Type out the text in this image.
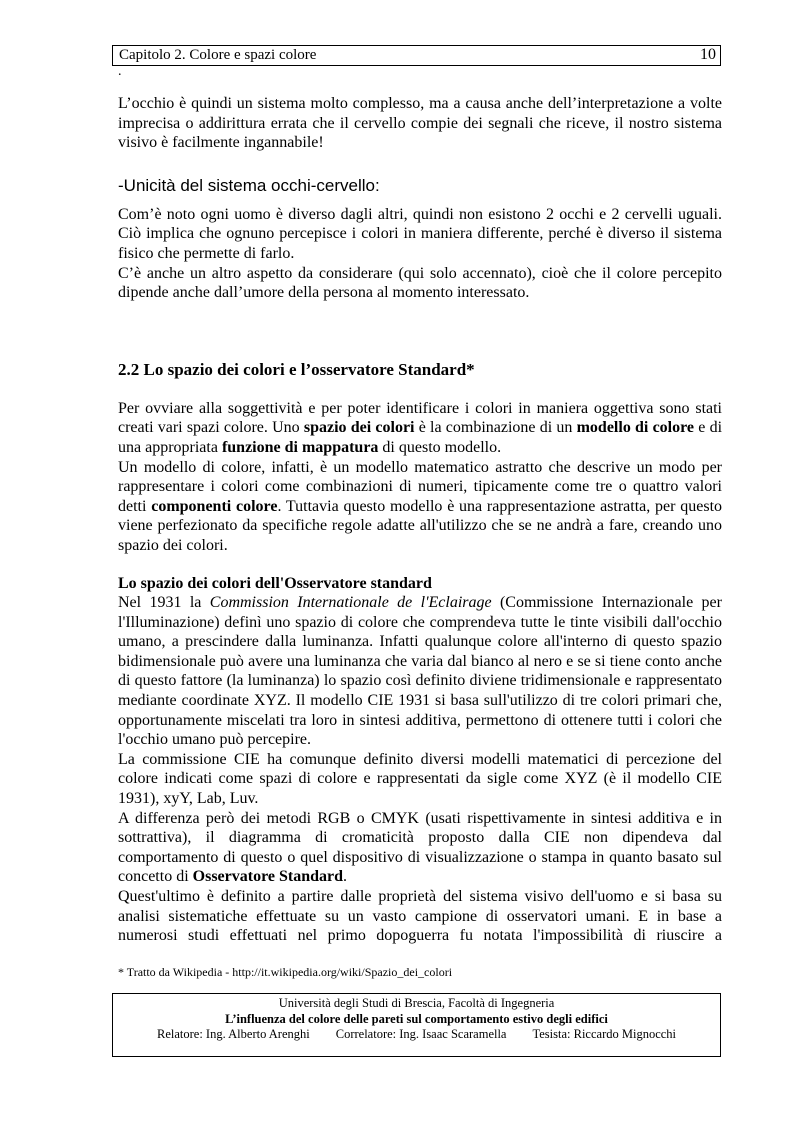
Capitolo 2. Colore e spazi colore	10
.

L’occhio è quindi un sistema molto complesso, ma a causa anche dell’interpretazione a volte imprecisa o addirittura errata che il cervello compie dei segnali che riceve, il nostro sistema visivo è facilmente ingannabile!

-Unicità del sistema occhi-cervello:

Com’è noto ogni uomo è diverso dagli altri, quindi non esistono 2 occhi e 2 cervelli uguali. Ciò implica che ognuno percepisce i colori in maniera differente, perché è diverso il sistema fisico che permette di farlo.

C’è anche un altro aspetto da considerare (qui solo accennato), cioè che il colore percepito dipende anche dall’umore della persona al momento interessato.

2.2 Lo spazio dei colori e l’osservatore Standard*

Per ovviare alla soggettività e per poter identificare i colori in maniera oggettiva sono stati creati vari spazi colore. Uno spazio dei colori è la combinazione di un modello di colore e di una appropriata funzione di mappatura di questo modello.

Un modello di colore, infatti, è un modello matematico astratto che descrive un modo per rappresentare i colori come combinazioni di numeri, tipicamente come tre o quattro valori detti componenti colore. Tuttavia questo modello è una rappresentazione astratta, per questo viene perfezionato da specifiche regole adatte all'utilizzo che se ne andrà a fare, creando uno spazio dei colori.

Lo spazio dei colori dell'Osservatore standard

Nel 1931 la Commission Internationale de l'Eclairage (Commissione Internazionale per l'Illuminazione) definì uno spazio di colore che comprendeva tutte le tinte visibili dall'occhio umano, a prescindere dalla luminanza. Infatti qualunque colore all'interno di questo spazio bidimensionale può avere una luminanza che varia dal bianco al nero e se si tiene conto anche di questo fattore (la luminanza) lo spazio così definito diviene tridimensionale e rappresentato mediante coordinate XYZ. Il modello CIE 1931 si basa sull'utilizzo di tre colori primari che, opportunamente miscelati tra loro in sintesi additiva, permettono di ottenere tutti i colori che l'occhio umano può percepire.

La commissione CIE ha comunque definito diversi modelli matematici di percezione del colore indicati come spazi di colore e rappresentati da sigle come XYZ (è il modello CIE 1931), xyY, Lab, Luv.

A differenza però dei metodi RGB o CMYK (usati rispettivamente in sintesi additiva e in sottrattiva), il diagramma di cromaticità proposto dalla CIE non dipendeva dal comportamento di questo o quel dispositivo di visualizzazione o stampa in quanto basato sul concetto di Osservatore Standard.

Quest'ultimo è definito a partire dalle proprietà del sistema visivo dell'uomo e si basa su analisi sistematiche effettuate su un vasto campione di osservatori umani. E in base a numerosi studi effettuati nel primo dopoguerra fu notata l'impossibilità di riuscire a

* Tratto da Wikipedia - http://it.wikipedia.org/wiki/Spazio_dei_colori
Università degli Studi di Brescia, Facoltà di Ingegneria
L’influenza del colore delle pareti sul comportamento estivo degli edifici
Relatore: Ing. Alberto Arenghi Correlatore: Ing. Isaac Scaramella Tesista: Riccardo Mignocchi
